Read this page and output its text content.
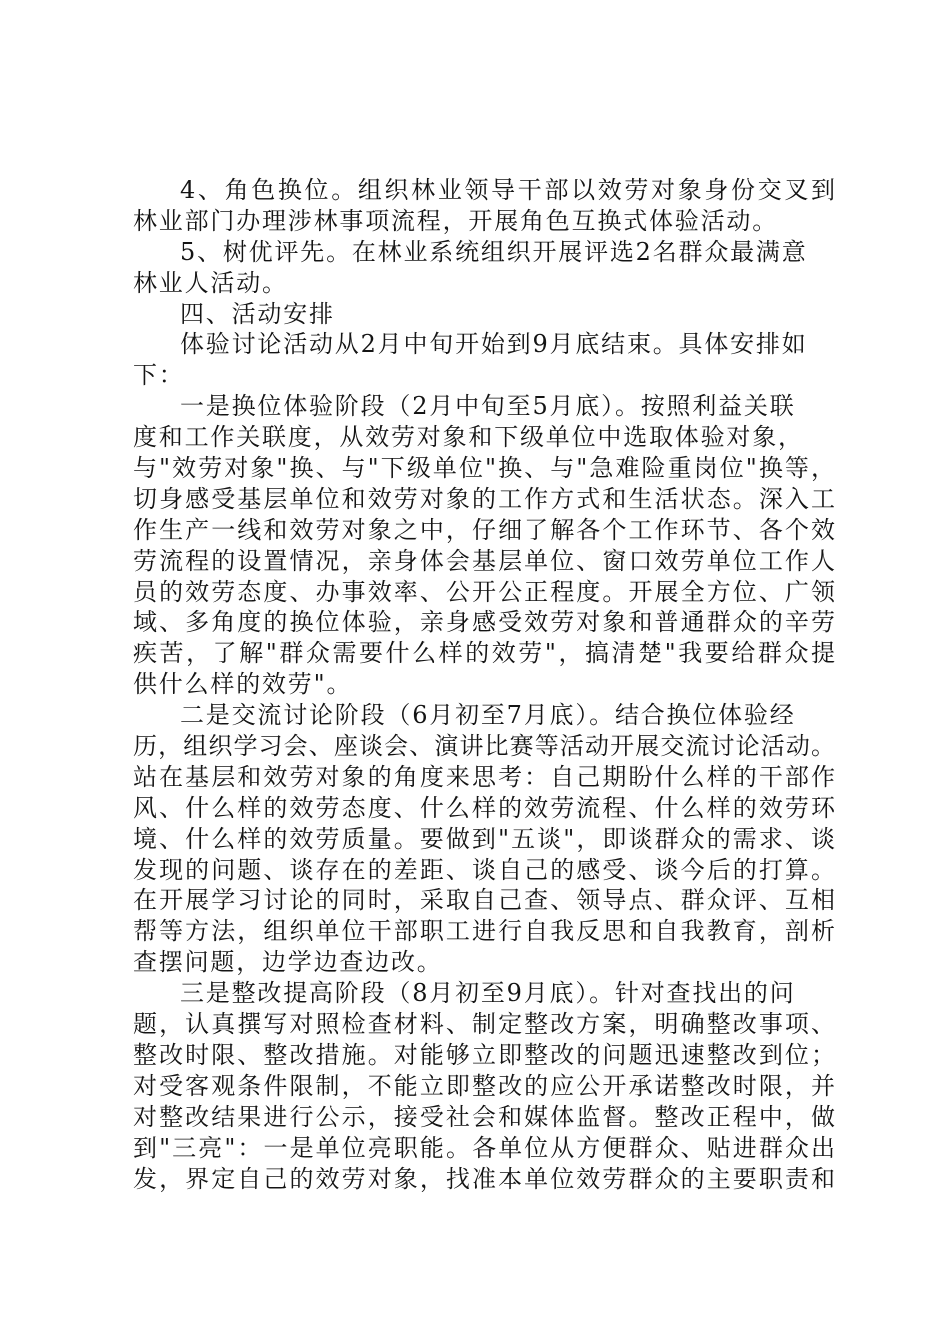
4、角色换位。组织林业领导干部以效劳对象身份交叉到
林业部门办理涉林事项流程，开展角色互换式体验活动。
5、树优评先。在林业系统组织开展评选2名群众最满意
林业人活动。
四、活动安排
体验讨论活动从2月中旬开始到9月底结束。具体安排如
下：
一是换位体验阶段（2月中旬至5月底）。按照利益关联
度和工作关联度，从效劳对象和下级单位中选取体验对象，
与"效劳对象"换、与"下级单位"换、与"急难险重岗位"换等，
切身感受基层单位和效劳对象的工作方式和生活状态。深入工
作生产一线和效劳对象之中，仔细了解各个工作环节、各个效
劳流程的设置情况，亲身体会基层单位、窗口效劳单位工作人
员的效劳态度、办事效率、公开公正程度。开展全方位、广领
域、多角度的换位体验，亲身感受效劳对象和普通群众的辛劳
疾苦，了解"群众需要什么样的效劳"，搞清楚"我要给群众提
供什么样的效劳"。
二是交流讨论阶段（6月初至7月底）。结合换位体验经
历，组织学习会、座谈会、演讲比赛等活动开展交流讨论活动。
站在基层和效劳对象的角度来思考：自己期盼什么样的干部作
风、什么样的效劳态度、什么样的效劳流程、什么样的效劳环
境、什么样的效劳质量。要做到"五谈"，即谈群众的需求、谈
发现的问题、谈存在的差距、谈自己的感受、谈今后的打算。
在开展学习讨论的同时，采取自己查、领导点、群众评、互相
帮等方法，组织单位干部职工进行自我反思和自我教育，剖析
查摆问题，边学边查边改。
三是整改提高阶段（8月初至9月底）。针对查找出的问
题，认真撰写对照检查材料、制定整改方案，明确整改事项、
整改时限、整改措施。对能够立即整改的问题迅速整改到位；
对受客观条件限制，不能立即整改的应公开承诺整改时限，并
对整改结果进行公示，接受社会和媒体监督。整改正程中，做
到"三亮"：一是单位亮职能。各单位从方便群众、贴进群众出
发，界定自己的效劳对象，找准本单位效劳群众的主要职责和
